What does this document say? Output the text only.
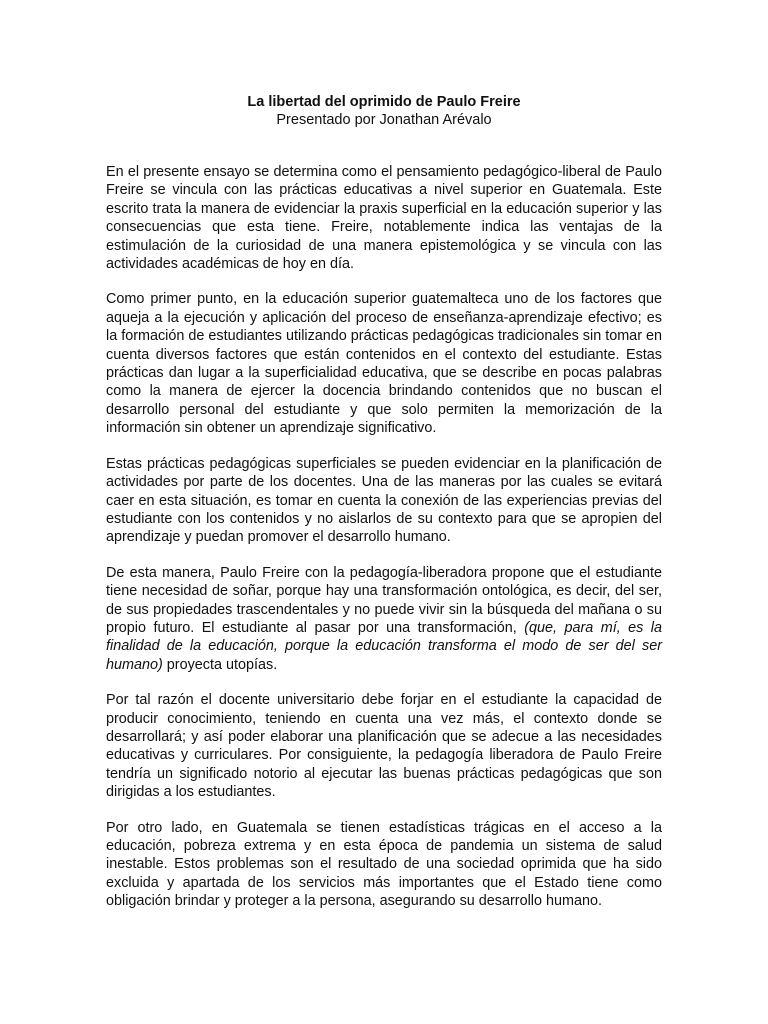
La libertad del oprimido de Paulo Freire

Presentado por Jonathan Arévalo

En el presente ensayo se determina como el pensamiento pedagógico-liberal de Paulo Freire se vincula con las prácticas educativas a nivel superior en Guatemala. Este escrito trata la manera de evidenciar la praxis superficial en la educación superior y las consecuencias que esta tiene. Freire, notablemente indica las ventajas de la estimulación de la curiosidad de una manera epistemológica y se vincula con las actividades académicas de hoy en día.

Como primer punto, en la educación superior guatemalteca uno de los factores que aqueja a la ejecución y aplicación del proceso de enseñanza-aprendizaje efectivo; es la formación de estudiantes utilizando prácticas pedagógicas tradicionales sin tomar en cuenta diversos factores que están contenidos en el contexto del estudiante. Estas prácticas dan lugar a la superficialidad educativa, que se describe en pocas palabras como la manera de ejercer la docencia brindando contenidos que no buscan el desarrollo personal del estudiante y que solo permiten la memorización de la información sin obtener un aprendizaje significativo.

Estas prácticas pedagógicas superficiales se pueden evidenciar en la planificación de actividades por parte de los docentes. Una de las maneras por las cuales se evitará caer en esta situación, es tomar en cuenta la conexión de las experiencias previas del estudiante con los contenidos y no aislarlos de su contexto para que se apropien del aprendizaje y puedan promover el desarrollo humano.

De esta manera, Paulo Freire con la pedagogía-liberadora propone que el estudiante tiene necesidad de soñar, porque hay una transformación ontológica, es decir, del ser, de sus propiedades trascendentales y no puede vivir sin la búsqueda del mañana o su propio futuro. El estudiante al pasar por una transformación, (que, para mí, es la finalidad de la educación, porque la educación transforma el modo de ser del ser humano) proyecta utopías.

Por tal razón el docente universitario debe forjar en el estudiante la capacidad de producir conocimiento, teniendo en cuenta una vez más, el contexto donde se desarrollará; y así poder elaborar una planificación que se adecue a las necesidades educativas y curriculares. Por consiguiente, la pedagogía liberadora de Paulo Freire tendría un significado notorio al ejecutar las buenas prácticas pedagógicas que son dirigidas a los estudiantes.

Por otro lado, en Guatemala se tienen estadísticas trágicas en el acceso a la educación, pobreza extrema y en esta época de pandemia un sistema de salud inestable. Estos problemas son el resultado de una sociedad oprimida que ha sido excluida y apartada de los servicios más importantes que el Estado tiene como obligación brindar y proteger a la persona, asegurando su desarrollo humano.
